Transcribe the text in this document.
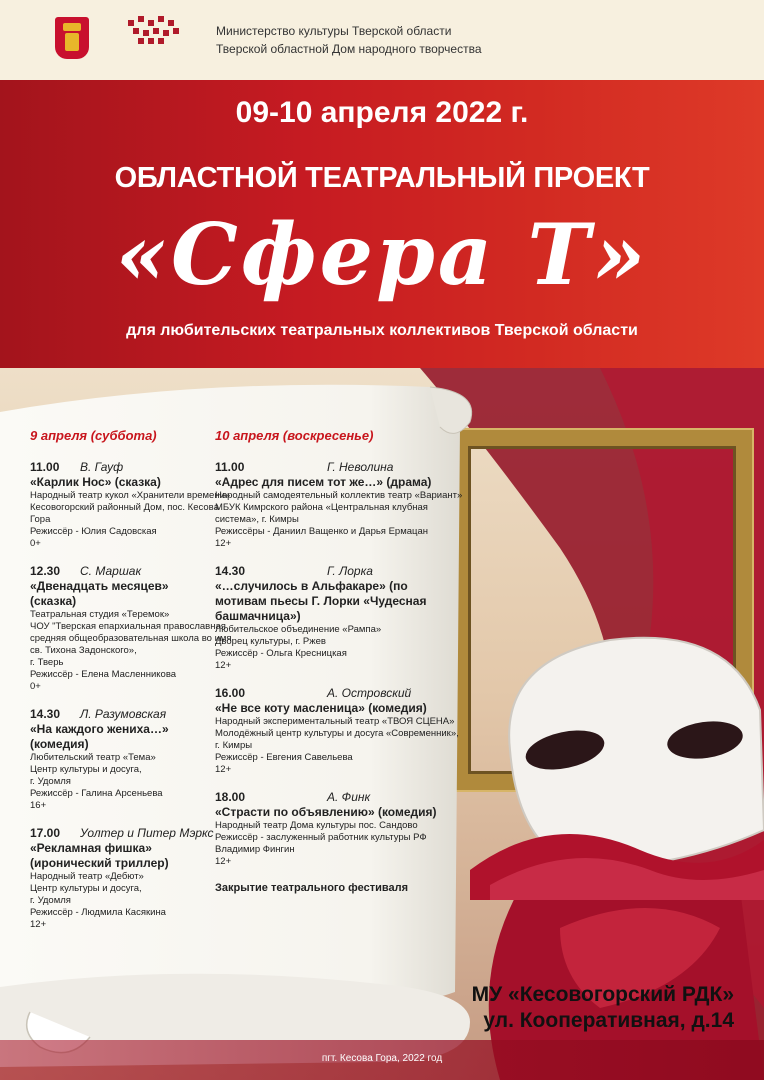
Министерство культуры Тверской области
Тверской областной Дом народного творчества
09-10 апреля 2022 г.
ОБЛАСТНОЙ ТЕАТРАЛЬНЫЙ ПРОЕКТ
«Сфера Т»
для любительских театральных коллективов Тверской области
9 апреля (суббота)
11.00	В. Гауф
«Карлик Нос» (сказка)
Народный театр кукол «Хранители времени»
Кесовогорский районный Дом, пос. Кесова Гора
Режиссёр - Юлия Садовская
0+
12.30	С. Маршак
«Двенадцать месяцев»
(сказка)
Театральная студия «Теремок»
ЧОУ "Тверская епархиальная православная средняя общеобразовательная школа во имя св. Тихона Задонского»,
г. Тверь
Режиссёр - Елена Масленникова
0+
14.30	Л. Разумовская
«На каждого жениха…»
(комедия)
Любительский театр «Тема»
Центр культуры и досуга,
г. Удомля
Режиссёр - Галина Арсеньева
16+
17.00	Уолтер и Питер Мэркс
«Рекламная фишка»
(иронический триллер)
Народный театр «Дебют»
Центр культуры и досуга,
г. Удомля
Режиссёр - Людмила Касякина
12+
10 апреля (воскресенье)
11.00	Г. Неволина
«Адрес для писем тот же…» (драма)
Народный самодеятельный коллектив театр «Вариант»
МБУК Кимрского района «Центральная клубная система», г. Кимры
Режиссёры - Даниил Ващенко и Дарья Ермацан
12+
14.30	Г. Лорка
«…случилось в Альфакаре» (по
мотивам пьесы Г. Лорки «Чудесная
башмачница»)
Любительское объединение «Рампа»
Дворец культуры, г. Ржев
Режиссёр - Ольга Кресницкая
12+
16.00	А. Островский
«Не все коту масленица» (комедия)
Народный экспериментальный театр «ТВОЯ СЦЕНА»
Молодёжный центр культуры и досуга «Современник», г. Кимры
Режиссёр - Евгения Савельева
12+
18.00	А. Финк
«Страсти по объявлению» (комедия)
Народный театр Дома культуры пос. Сандово
Режиссёр - заслуженный работник культуры РФ
Владимир Фингин
12+
Закрытие театрального фестиваля
МУ «Кесовогорский РДК»
ул. Кооперативная, д.14
пгт. Кесова Гора, 2022 год
